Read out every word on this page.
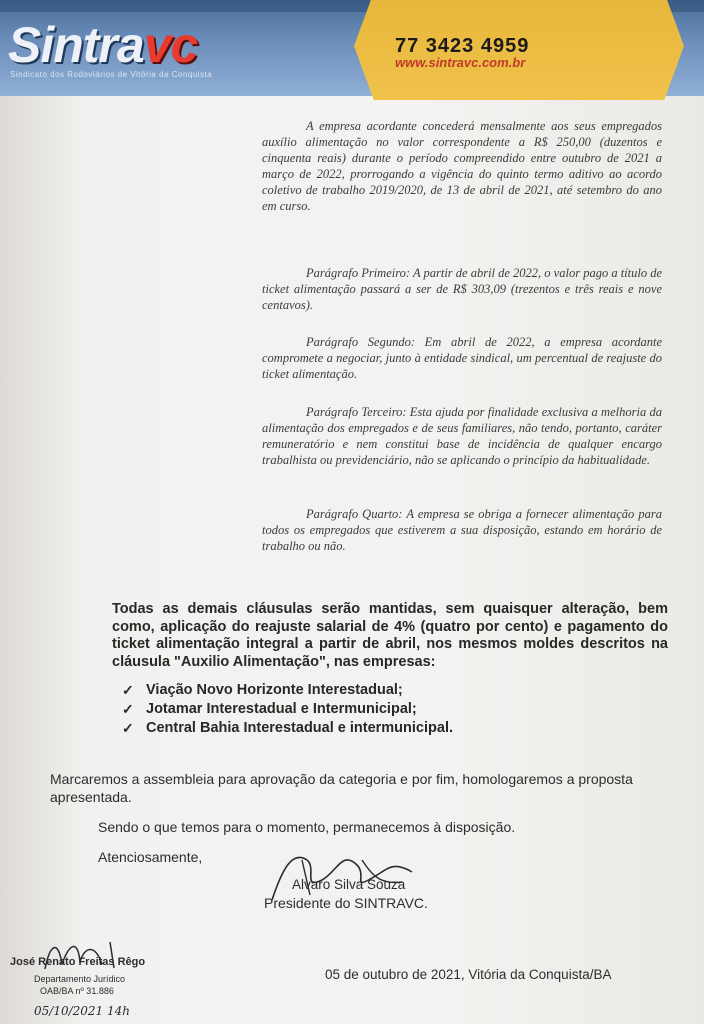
Sintravc
Sindicato dos Rodoviários de Vitória da Conquista
77 3423 4959
www.sintravc.com.br

A empresa acordante concederá mensalmente aos seus empregados auxílio alimentação no valor correspondente a R$ 250,00 (duzentos e cinquenta reais) durante o período compreendido entre outubro de 2021 a março de 2022, prorrogando a vigência do quinto termo aditivo ao acordo coletivo de trabalho 2019/2020, de 13 de abril de 2021, até setembro do ano em curso.

Parágrafo Primeiro: A partir de abril de 2022, o valor pago a título de ticket alimentação passará a ser de R$ 303,09 (trezentos e três reais e nove centavos).

Parágrafo Segundo: Em abril de 2022, a empresa acordante compromete a negociar, junto à entidade sindical, um percentual de reajuste do ticket alimentação.

Parágrafo Terceiro: Esta ajuda por finalidade exclusiva a melhoria da alimentação dos empregados e de seus familiares, não tendo, portanto, caráter remuneratório e nem constitui base de incidência de qualquer encargo trabalhista ou previdenciário, não se aplicando o princípio da habitualidade.

Parágrafo Quarto: A empresa se obriga a fornecer alimentação para todos os empregados que estiverem a sua disposição, estando em horário de trabalho ou não.

Todas as demais cláusulas serão mantidas, sem quaisquer alteração, bem como, aplicação do reajuste salarial de 4% (quatro por cento) e pagamento do ticket alimentação integral a partir de abril, nos mesmos moldes descritos na cláusula "Auxilio Alimentação", nas empresas:

✓ Viação Novo Horizonte Interestadual;
✓ Jotamar Interestadual e Intermunicipal;
✓ Central Bahia Interestadual e intermunicipal.

Marcaremos a assembleia para aprovação da categoria e por fim, homologaremos a proposta apresentada.

Sendo o que temos para o momento, permanecemos à disposição.

Atenciosamente,

Alvaro Silva Souza

Presidente do SINTRAVC.

José Renato Freitas Rêgo

Departamento Jurídico

OAB/BA nº 31.886

05/10/2021 14h

05 de outubro de 2021, Vitória da Conquista/BA
